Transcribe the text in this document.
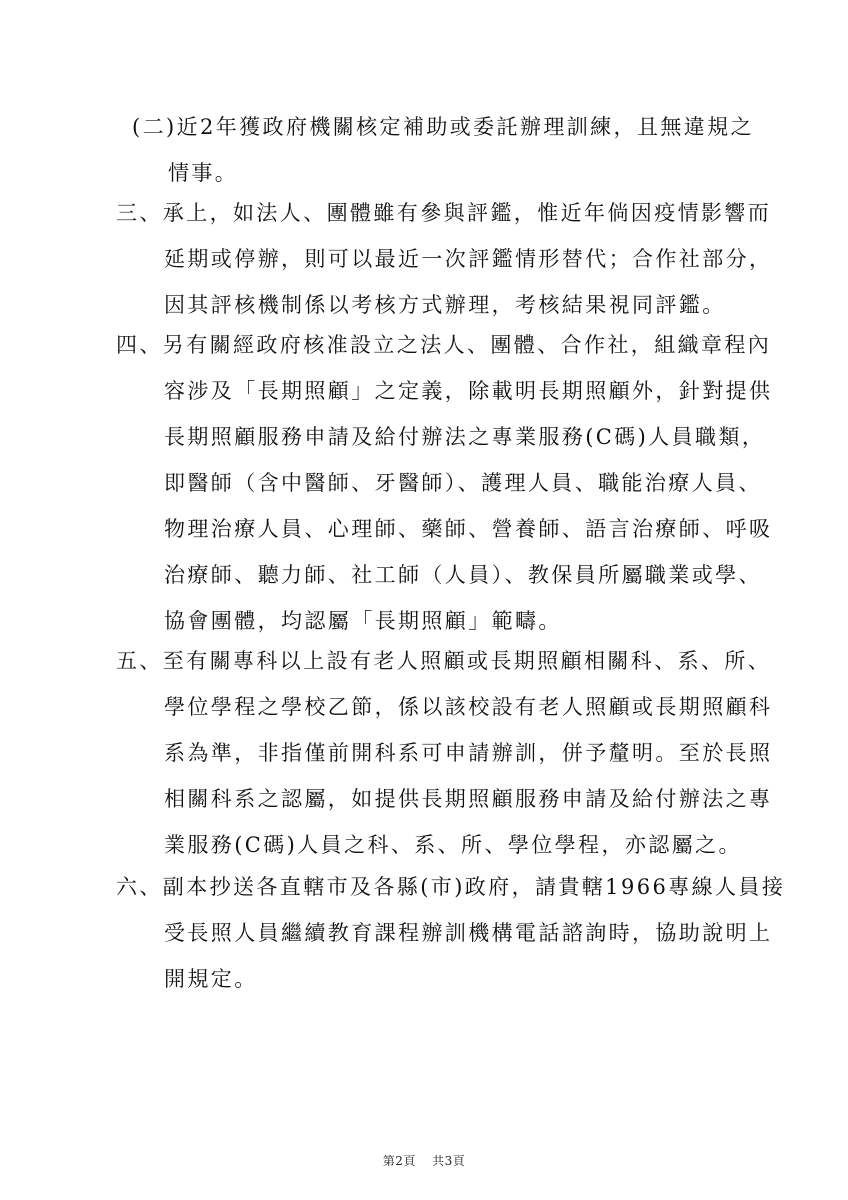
(二)近2年獲政府機關核定補助或委託辦理訓練，且無違規之
情事。
三、承上，如法人、團體雖有參與評鑑，惟近年倘因疫情影響而
延期或停辦，則可以最近一次評鑑情形替代；合作社部分，
因其評核機制係以考核方式辦理，考核結果視同評鑑。
四、另有關經政府核准設立之法人、團體、合作社，組織章程內
容涉及「長期照顧」之定義，除載明長期照顧外，針對提供
長期照顧服務申請及給付辦法之專業服務(C碼)人員職類，
即醫師（含中醫師、牙醫師）、護理人員、職能治療人員、
物理治療人員、心理師、藥師、營養師、語言治療師、呼吸
治療師、聽力師、社工師（人員）、教保員所屬職業或學、
協會團體，均認屬「長期照顧」範疇。
五、至有關專科以上設有老人照顧或長期照顧相關科、系、所、
學位學程之學校乙節，係以該校設有老人照顧或長期照顧科
系為準，非指僅前開科系可申請辦訓，併予釐明。至於長照
相關科系之認屬，如提供長期照顧服務申請及給付辦法之專
業服務(C碼)人員之科、系、所、學位學程，亦認屬之。
六、副本抄送各直轄市及各縣(市)政府，請貴轄1966專線人員接
受長照人員繼續教育課程辦訓機構電話諮詢時，協助說明上
開規定。
第2頁 共3頁
